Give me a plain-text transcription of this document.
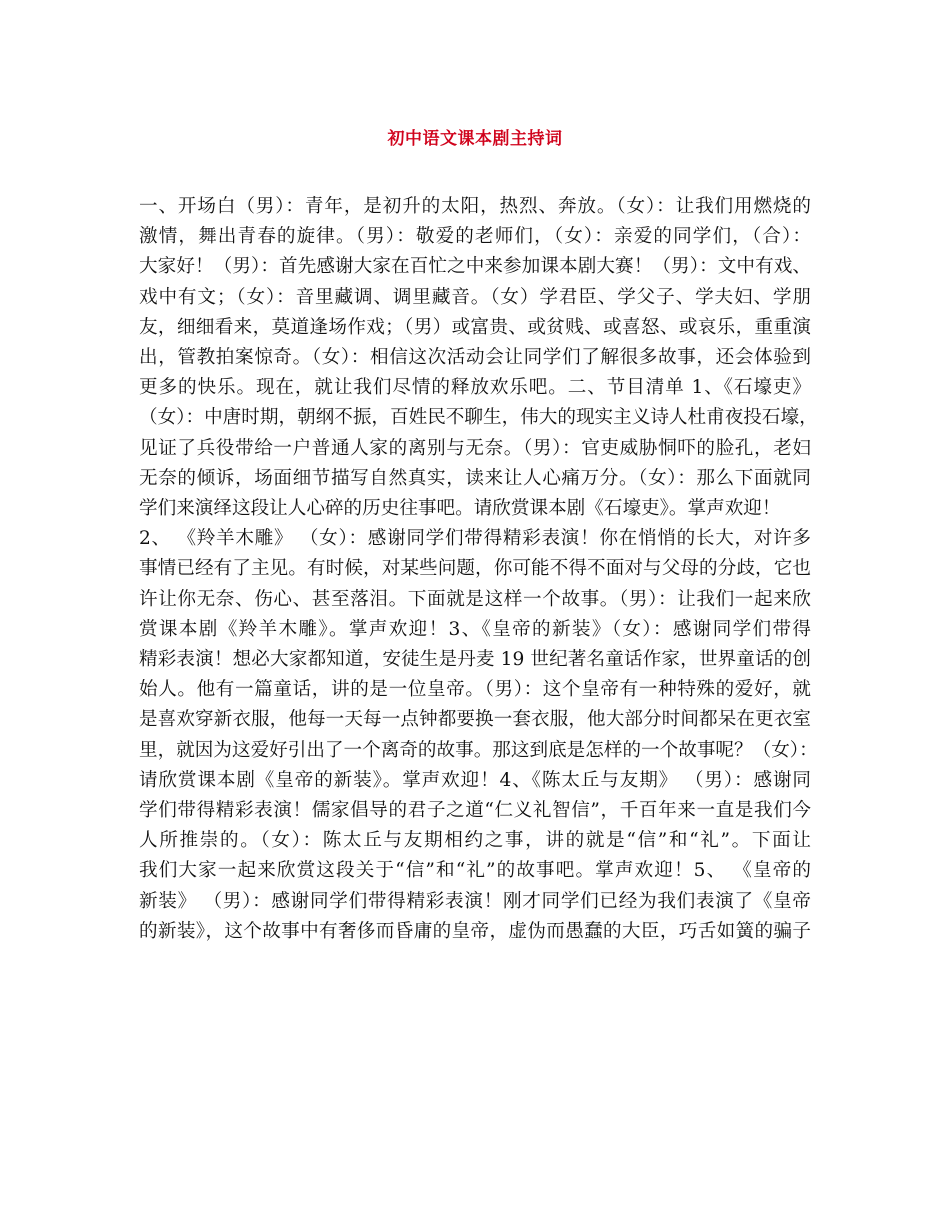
初中语文课本剧主持词
一、开场白（男）：青年，是初升的太阳，热烈、奔放。（女）：让我们用燃烧的
激情，舞出青春的旋律。（男）：敬爱的老师们，（女）：亲爱的同学们，（合）：
大家好！（男）：首先感谢大家在百忙之中来参加课本剧大赛！（男）：文中有戏、
戏中有文；（女）：音里藏调、调里藏音。（女）学君臣、学父子、学夫妇、学朋
友，细细看来，莫道逢场作戏；（男）或富贵、或贫贱、或喜怒、或哀乐，重重演
出，管教拍案惊奇。（女）：相信这次活动会让同学们了解很多故事，还会体验到
更多的快乐。现在，就让我们尽情的释放欢乐吧。二、节目清单 1、《石壕吏》
（女）：中唐时期，朝纲不振，百姓民不聊生，伟大的现实主义诗人杜甫夜投石壕，
见证了兵役带给一户普通人家的离别与无奈。（男）：官吏威胁恫吓的脸孔，老妇
无奈的倾诉，场面细节描写自然真实，读来让人心痛万分。（女）：那么下面就同
学们来演绎这段让人心碎的历史往事吧。请欣赏课本剧《石壕吏》。掌声欢迎！
2、 《羚羊木雕》 （女）：感谢同学们带得精彩表演！你在悄悄的长大，对许多
事情已经有了主见。有时候，对某些问题，你可能不得不面对与父母的分歧，它也
许让你无奈、伤心、甚至落泪。下面就是这样一个故事。（男）：让我们一起来欣
赏课本剧《羚羊木雕》。掌声欢迎！3、《皇帝的新装》（女）：感谢同学们带得
精彩表演！想必大家都知道，安徒生是丹麦 19 世纪著名童话作家，世界童话的创
始人。他有一篇童话，讲的是一位皇帝。（男）：这个皇帝有一种特殊的爱好，就
是喜欢穿新衣服，他每一天每一点钟都要换一套衣服，他大部分时间都呆在更衣室
里，就因为这爱好引出了一个离奇的故事。那这到底是怎样的一个故事呢？（女）：
请欣赏课本剧《皇帝的新装》。掌声欢迎！4、《陈太丘与友期》 （男）：感谢同
学们带得精彩表演！儒家倡导的君子之道“仁义礼智信”，千百年来一直是我们今
人所推崇的。（女）：陈太丘与友期相约之事，讲的就是“信”和“礼”。下面让
我们大家一起来欣赏这段关于“信”和“礼”的故事吧。掌声欢迎！5、 《皇帝的
新装》 （男）：感谢同学们带得精彩表演！刚才同学们已经为我们表演了《皇帝
的新装》，这个故事中有奢侈而昏庸的皇帝，虚伪而愚蠢的大臣，巧舌如簧的骗子
